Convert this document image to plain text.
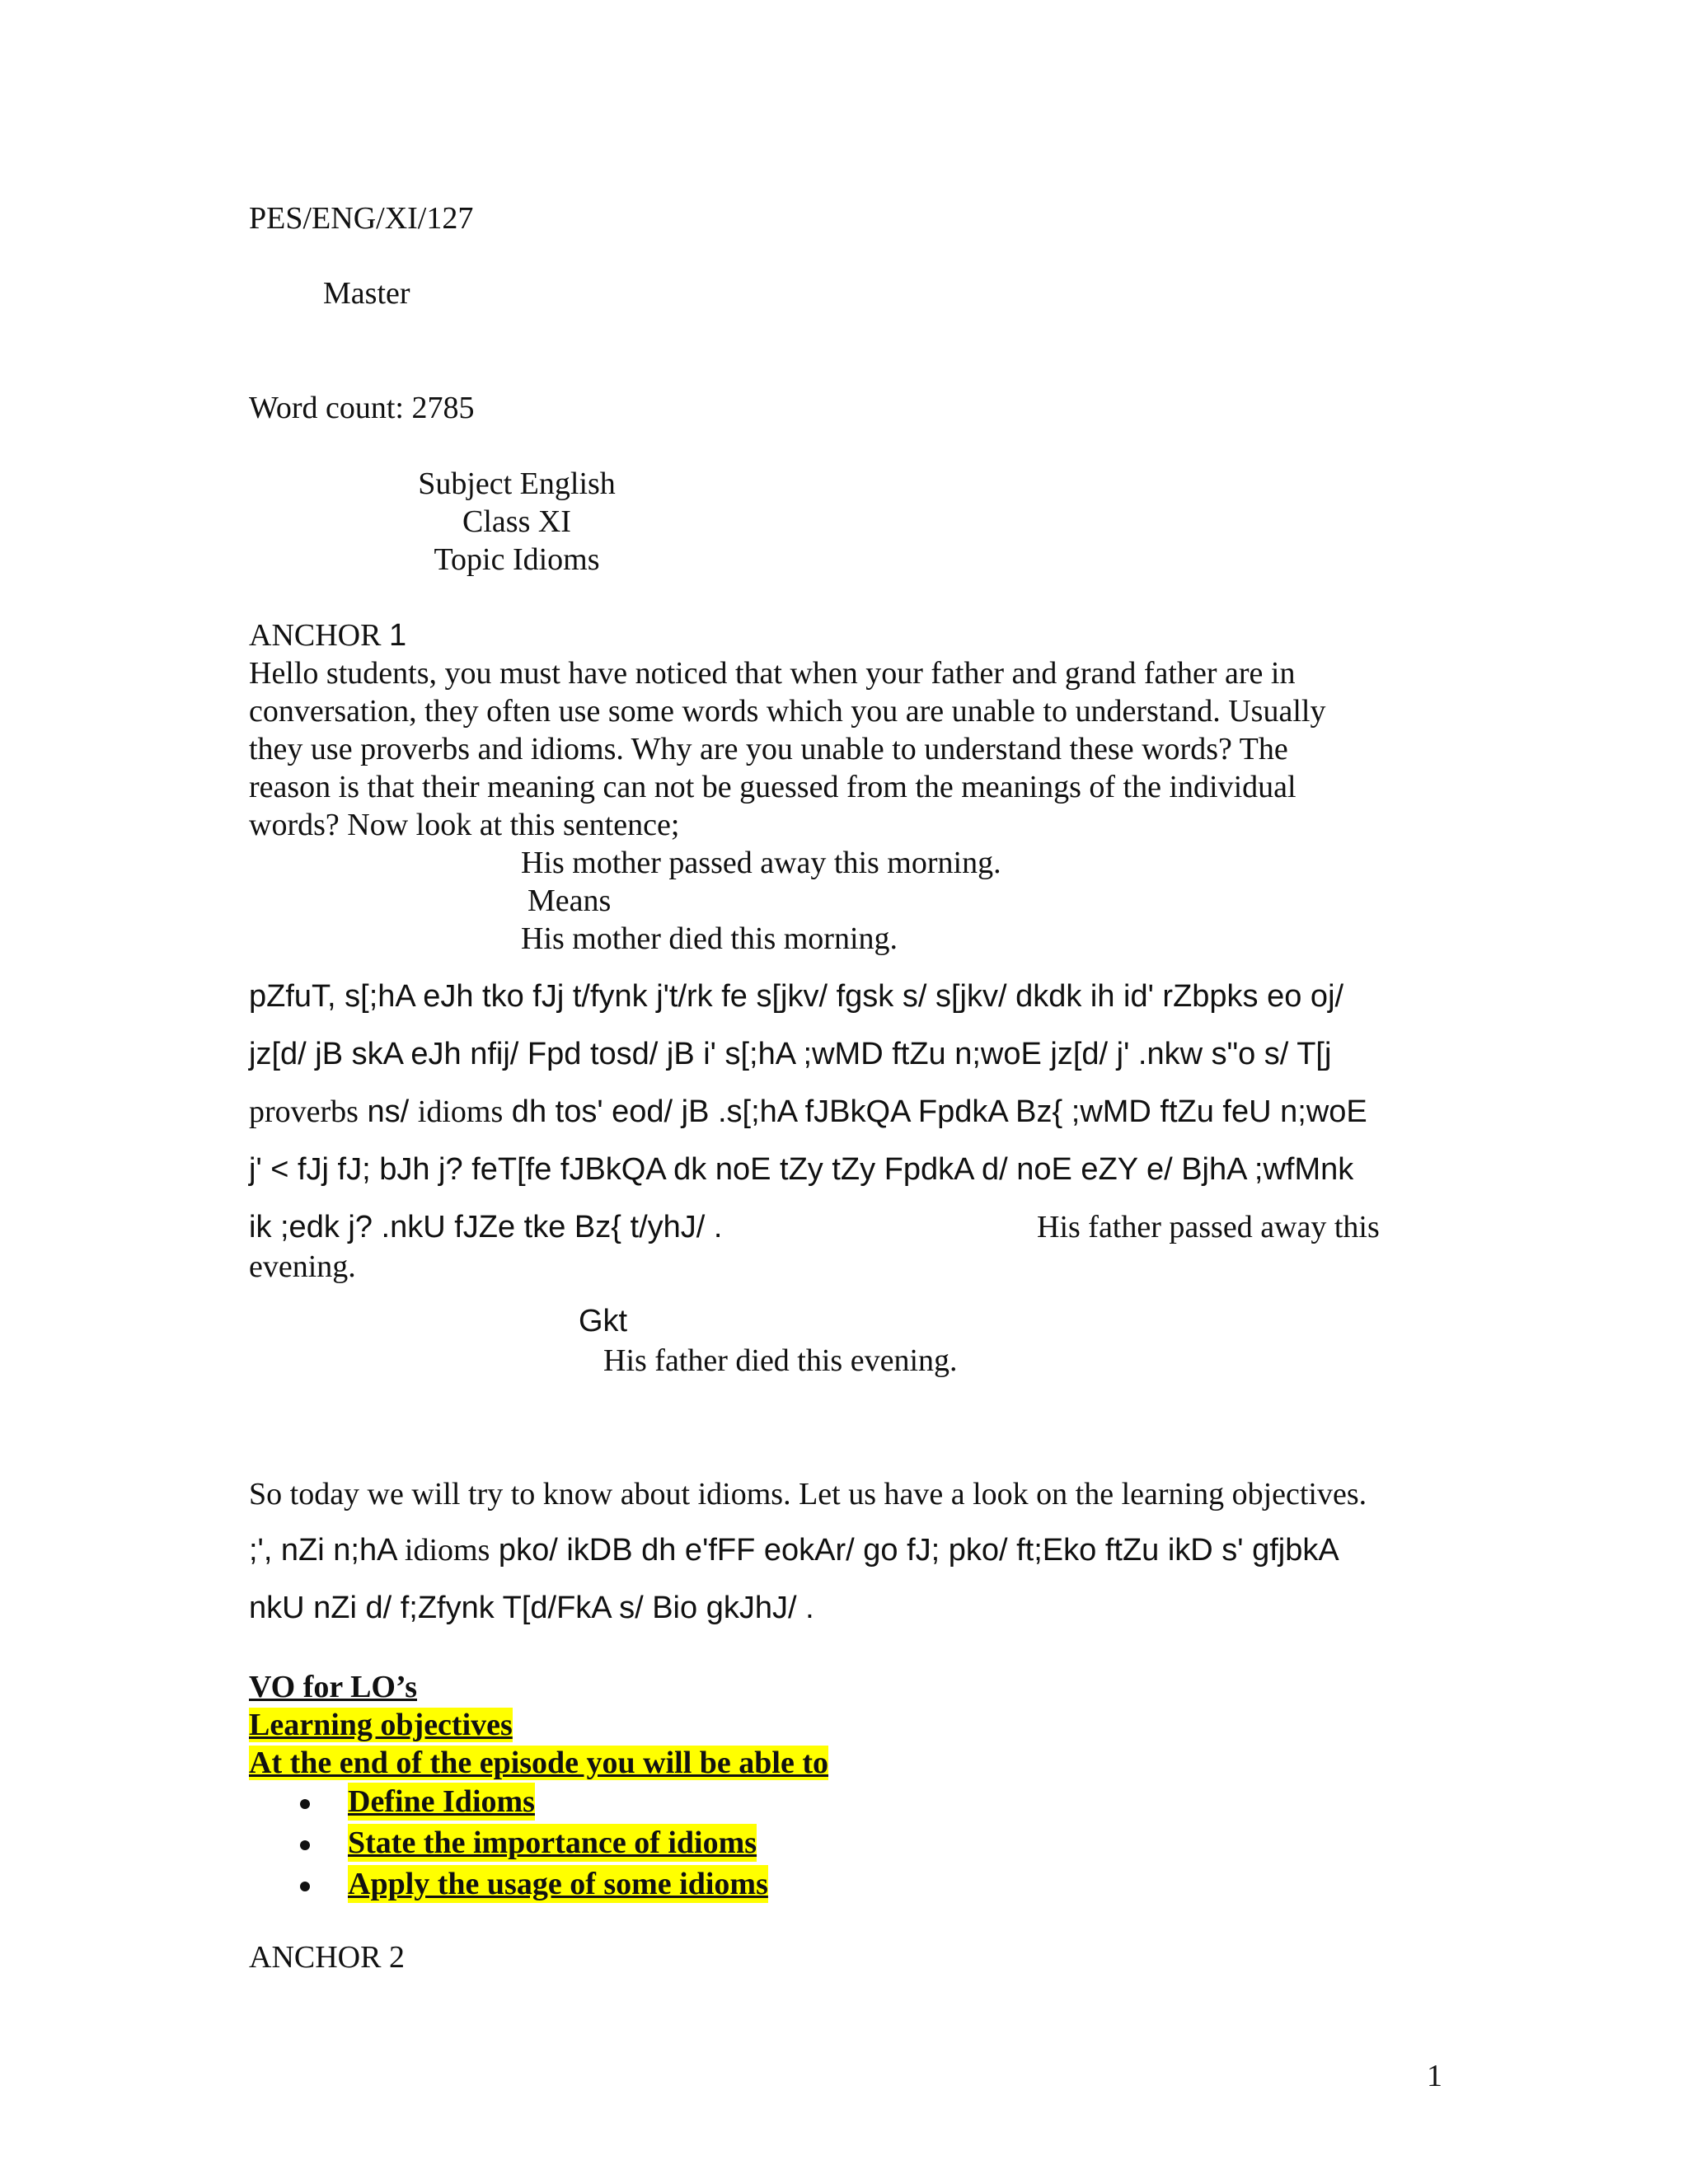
PES/ENG/XI/127
Master
Word count: 2785
Subject English
Class XI
Topic Idioms
ANCHOR 1
Hello students, you must have noticed that when your father and grand father are in
conversation, they often use some words which you are unable to understand. Usually
they use proverbs and idioms. Why are you unable to understand these words? The
reason is that their meaning can not be guessed from the meanings of the individual
words? Now look at this sentence;
His mother passed away this morning.
Means
His mother died this morning.
pZfuT, s[;hA eJh tko fJj t/fynk j't/rk fe s[jkv/ fgsk s/ s[jkv/ dkdk ih id' rZbpks eo oj/
jz[d/ jB skA eJh nfij/ Fpd tosd/ jB i' s[;hA ;wMD ftZu n;woE jz[d/ j' .nkw s"o s/ T[j
proverbs ns/ idioms dh tos' eod/ jB .s[;hA fJBkQA FpdkA Bz{ ;wMD ftZu feU n;woE
j' < fJj fJ; bJh j? feT[fe fJBkQA dk noE tZy tZy FpdkA d/ noE eZY e/ BjhA ;wfMnk
ik ;edk j? .nkU fJZe tke Bz{ t/yhJ/ .	His father passed away this
evening.
Gkt
His father died this evening.
So today we will try to know about idioms. Let us have a look on the learning objectives.
;', nZi n;hA idioms pko/ ikDB dh e'fFF eokAr/ go fJ; pko/ ft;Eko ftZu ikD s' gfjbkA
nkU nZi d/ f;Zfynk T[d/FkA s/ Bio gkJhJ/ .
VO for LO’s
Learning objectives
At the end of the episode you will be able to
Define Idioms
State the importance of idioms
Apply the usage of some idioms
ANCHOR 2
1
